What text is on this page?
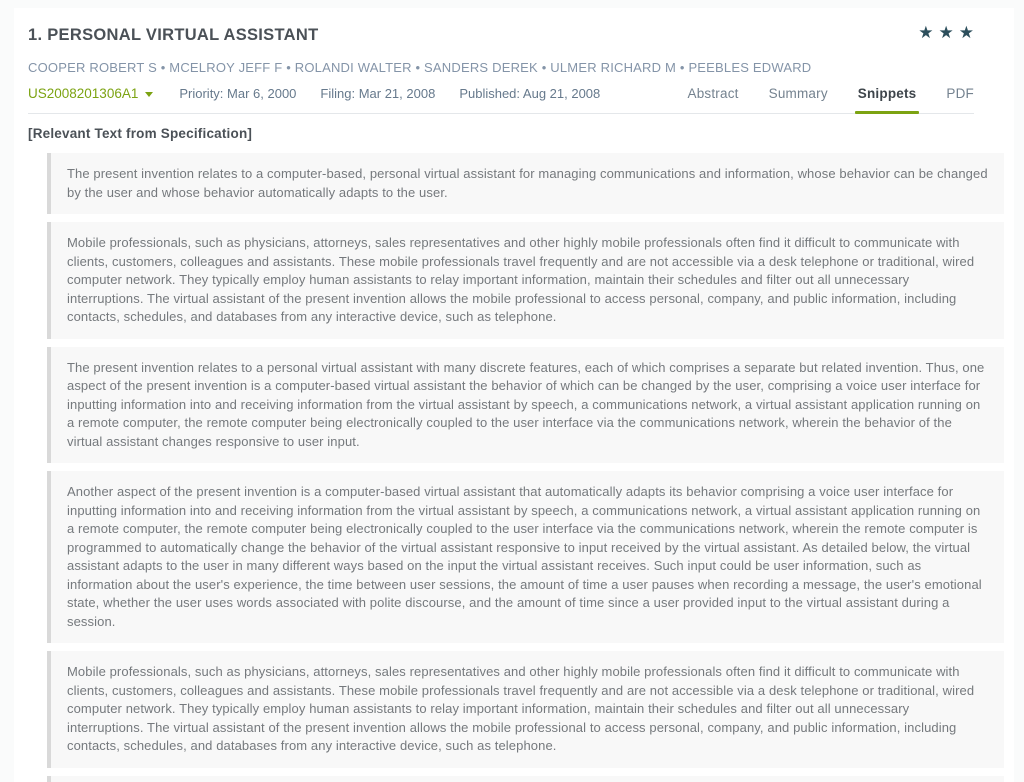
1. PERSONAL VIRTUAL ASSISTANT	★ ★ ★
COOPER ROBERT S • MCELROY JEFF F • ROLANDI WALTER • SANDERS DEREK • ULMER RICHARD M • PEEBLES EDWARD
US2008201306A1	Priority: Mar 6, 2000 Filing: Mar 21, 2008 Published: Aug 21, 2008	Abstract Summary Snippets PDF
[Relevant Text from Specification]
The present invention relates to a computer-based, personal virtual assistant for managing communications and information, whose behavior can be changed by the user and whose behavior automatically adapts to the user.
Mobile professionals, such as physicians, attorneys, sales representatives and other highly mobile professionals often find it difficult to communicate with clients, customers, colleagues and assistants. These mobile professionals travel frequently and are not accessible via a desk telephone or traditional, wired computer network. They typically employ human assistants to relay important information, maintain their schedules and filter out all unnecessary interruptions. The virtual assistant of the present invention allows the mobile professional to access personal, company, and public information, including contacts, schedules, and databases from any interactive device, such as telephone.
The present invention relates to a personal virtual assistant with many discrete features, each of which comprises a separate but related invention. Thus, one aspect of the present invention is a computer-based virtual assistant the behavior of which can be changed by the user, comprising a voice user interface for inputting information into and receiving information from the virtual assistant by speech, a communications network, a virtual assistant application running on a remote computer, the remote computer being electronically coupled to the user interface via the communications network, wherein the behavior of the virtual assistant changes responsive to user input.
Another aspect of the present invention is a computer-based virtual assistant that automatically adapts its behavior comprising a voice user interface for inputting information into and receiving information from the virtual assistant by speech, a communications network, a virtual assistant application running on a remote computer, the remote computer being electronically coupled to the user interface via the communications network, wherein the remote computer is programmed to automatically change the behavior of the virtual assistant responsive to input received by the virtual assistant. As detailed below, the virtual assistant adapts to the user in many different ways based on the input the virtual assistant receives. Such input could be user information, such as information about the user's experience, the time between user sessions, the amount of time a user pauses when recording a message, the user's emotional state, whether the user uses words associated with polite discourse, and the amount of time since a user provided input to the virtual assistant during a session.
Mobile professionals, such as physicians, attorneys, sales representatives and other highly mobile professionals often find it difficult to communicate with clients, customers, colleagues and assistants. These mobile professionals travel frequently and are not accessible via a desk telephone or traditional, wired computer network. They typically employ human assistants to relay important information, maintain their schedules and filter out all unnecessary interruptions. The virtual assistant of the present invention allows the mobile professional to access personal, company, and public information, including contacts, schedules, and databases from any interactive device, such as telephone.
